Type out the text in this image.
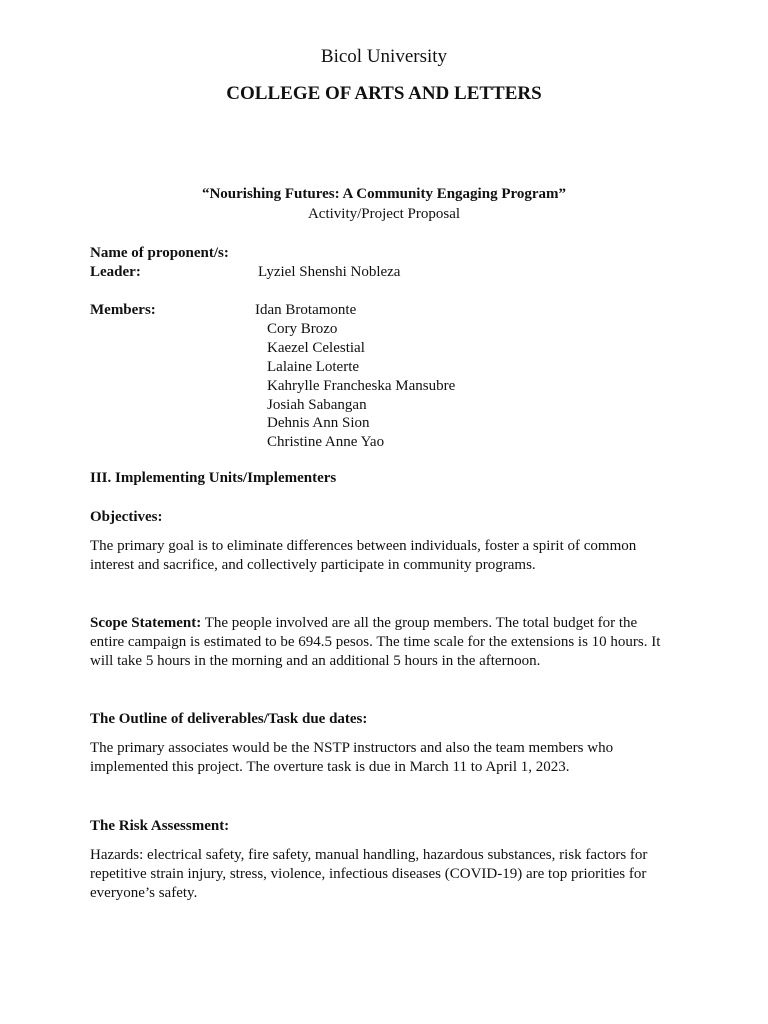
Bicol University
COLLEGE OF ARTS AND LETTERS
“Nourishing Futures: A Community Engaging Program”
Activity/Project Proposal
Name of proponent/s:
Leader:	Lyziel Shenshi Nobleza
Members:	Idan Brotamonte
Cory Brozo
Kaezel Celestial
Lalaine Loterte
Kahrylle Francheska Mansubre
Josiah Sabangan
Dehnis Ann Sion
Christine Anne Yao
III. Implementing Units/Implementers
Objectives:
The primary goal is to eliminate differences between individuals, foster a spirit of common
interest and sacrifice, and collectively participate in community programs.
Scope Statement: The people involved are all the group members. The total budget for the
entire campaign is estimated to be 694.5 pesos. The time scale for the extensions is 10 hours. It
will take 5 hours in the morning and an additional 5 hours in the afternoon.
The Outline of deliverables/Task due dates:
The primary associates would be the NSTP instructors and also the team members who
implemented this project. The overture task is due in March 11 to April 1, 2023.
The Risk Assessment:
Hazards: electrical safety, fire safety, manual handling, hazardous substances, risk factors for
repetitive strain injury, stress, violence, infectious diseases (COVID-19) are top priorities for
everyone’s safety.
